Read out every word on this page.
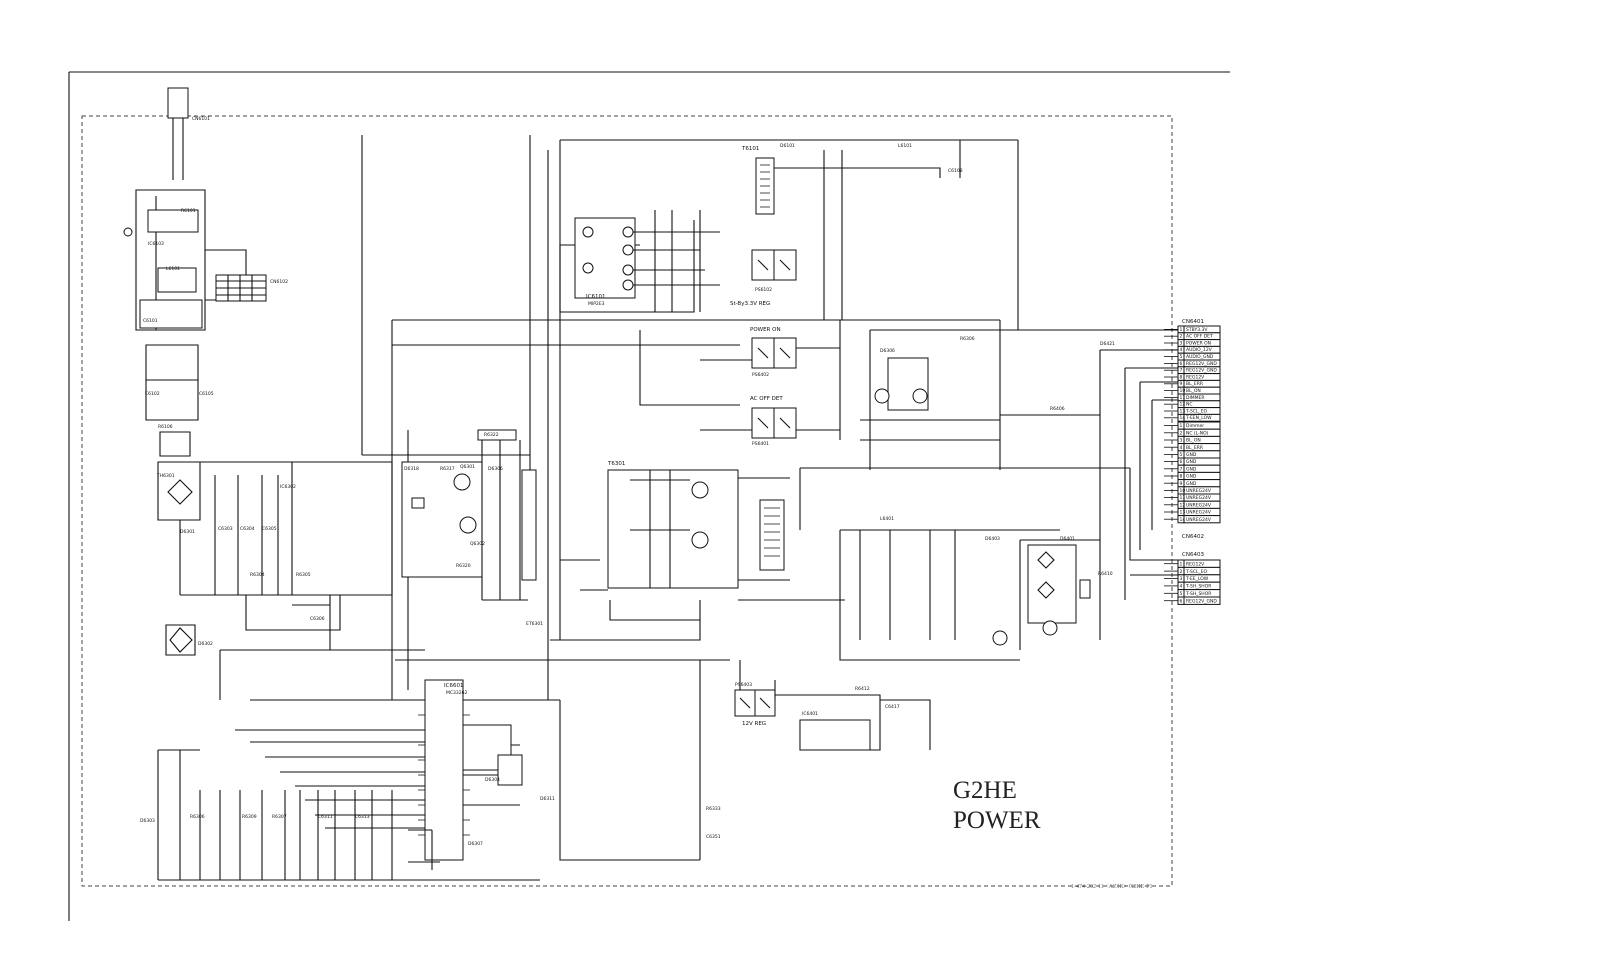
CN6101
R6101
L6101
C6101
CN6102
IC6103
C6102	C6105
R6106
D6301
TH6301
D6302
C6303 C6304 C6305
IC6302
R6304	R6305
C6306
D6318	R6317 Q6301
Q6302
R6320
R6322
D6306
ET6301
IC6601
MC33262
D6304
D6307
D6311
D6303
R6306	R6309	R6307	C6311	C6313
IC6101
MIP2E3
T6101	D6101	L6101
C6108
PS6102
St-By3.3V REG
POWER ON
PS6402
AC OFF DET
PS6401
PS6403
12V REG
T6301
D6306
R6306
D6421
R6406
L6401
D6403	D6401
R6410
IC6401
R6412
C6417
C6351
R6333
CN6401
1 STBY3.3V
2 AC OFF DET
3 POWER ON
4 AUDIO_12V
5 AUDIO_GND
6 REG12V_GND
7 REG12V_GND
8 REG12V
9 BL_ERR
10 BL_ON
11 DIMMER
12 NC
13 T-SCL_EO
14 T-EEN_LOW
CN6402
1 Dimmer
2 NC (L-NO)
3 BL_ON
4 BL_ERR
5 GND
6 GND
7 GND
8 GND
9 GND
10 UNREG24V
11 UNREG24V
12 UNREG24V
13 UNREG24V
14 UNREG24V
CN6403
1 REG12V
2 T-SCL_EO
3 T-EE_LOW
4 T-SH_SHOR
5 T-SH_SHOR
6 REG12V_GND
G2HE
POWER
1-474-202-11 <AZ1K> G2HE-P1
